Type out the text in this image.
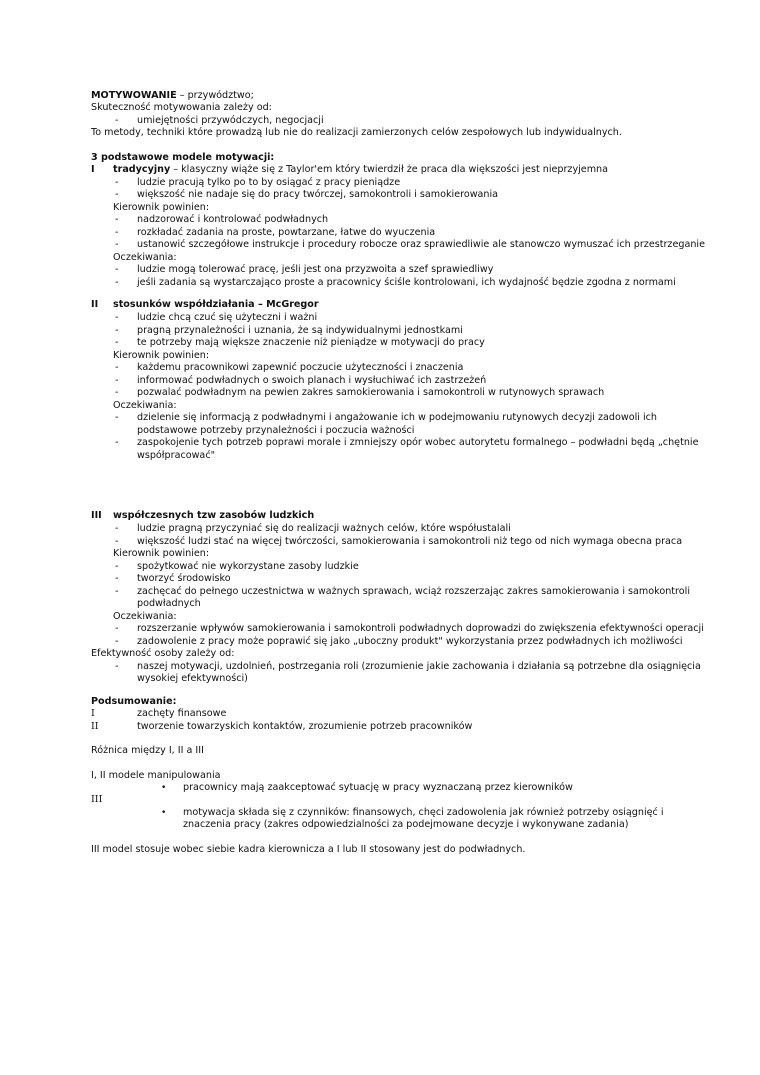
MOTYWOWANIE – przywództwo;
Skuteczność motywowania zależy od:
-	umiejętności przywódczych, negocjacji
To metody, techniki które prowadzą lub nie do realizacji zamierzonych celów zespołowych lub indywidualnych.
3 podstawowe modele motywacji:
I tradycyjny – klasyczny wiąże się z Taylor'em który twierdził że praca dla większości jest nieprzyjemna
-	ludzie pracują tylko po to by osiągać z pracy pieniądze
-	większość nie nadaje się do pracy twórczej, samokontroli i samokierowania
Kierownik powinien:
-	nadzorować i kontrolować podwładnych
-	rozkładać zadania na proste, powtarzane, łatwe do wyuczenia
-	ustanowić szczegółowe instrukcje i procedury robocze oraz sprawiedliwie ale stanowczo wymuszać ich przestrzeganie
Oczekiwania:
-	ludzie mogą tolerować pracę, jeśli jest ona przyzwoita a szef sprawiedliwy
-	jeśli zadania są wystarczająco proste a pracownicy ściśle kontrolowani, ich wydajność będzie zgodna z normami
II stosunków współdziałania – McGregor
-	ludzie chcą czuć się użyteczni i ważni
-	pragną przynależności i uznania, że są indywidualnymi jednostkami
-	te potrzeby mają większe znaczenie niż pieniądze w motywacji do pracy
Kierownik powinien:
-	każdemu pracownikowi zapewnić poczucie użyteczności i znaczenia
-	informować podwładnych o swoich planach i wysłuchiwać ich zastrzeżeń
-	pozwalać podwładnym na pewien zakres samokierowania i samokontroli w rutynowych sprawach
Oczekiwania:
-	dzielenie się informacją z podwładnymi i angażowanie ich w podejmowaniu rutynowych decyzji zadowoli ich
podstawowe potrzeby przynależności i poczucia ważności
-	zaspokojenie tych potrzeb poprawi morale i zmniejszy opór wobec autorytetu formalnego – podwładni będą „chętnie
współpracować"
III współczesnych tzw zasobów ludzkich
-	ludzie pragną przyczyniać się do realizacji ważnych celów, które współustalali
-	większość ludzi stać na więcej twórczości, samokierowania i samokontroli niż tego od nich wymaga obecna praca
Kierownik powinien:
-	spożytkować nie wykorzystane zasoby ludzkie
-	tworzyć środowisko
-	zachęcać do pełnego uczestnictwa w ważnych sprawach, wciąż rozszerzając zakres samokierowania i samokontroli
podwładnych
Oczekiwania:
-	rozszerzanie wpływów samokierowania i samokontroli podwładnych doprowadzi do zwiększenia efektywności operacji
-	zadowolenie z pracy może poprawić się jako „uboczny produkt" wykorzystania przez podwładnych ich możliwości
Efektywność osoby zależy od:
-	naszej motywacji, uzdolnień, postrzegania roli (zrozumienie jakie zachowania i działania są potrzebne dla osiągnięcia
wysokiej efektywności)
Podsumowanie:
I	zachęty finansowe
II	tworzenie towarzyskich kontaktów, zrozumienie potrzeb pracowników
Różnica między I, II a III
I, II modele manipulowania
• pracownicy mają zaakceptować sytuację w pracy wyznaczaną przez kierowników
III
• motywacja składa się z czynników: finansowych, chęci zadowolenia jak również potrzeby osiągnięć i
znaczenia pracy (zakres odpowiedzialności za podejmowane decyzje i wykonywane zadania)
III model stosuje wobec siebie kadra kierownicza a I lub II stosowany jest do podwładnych.
